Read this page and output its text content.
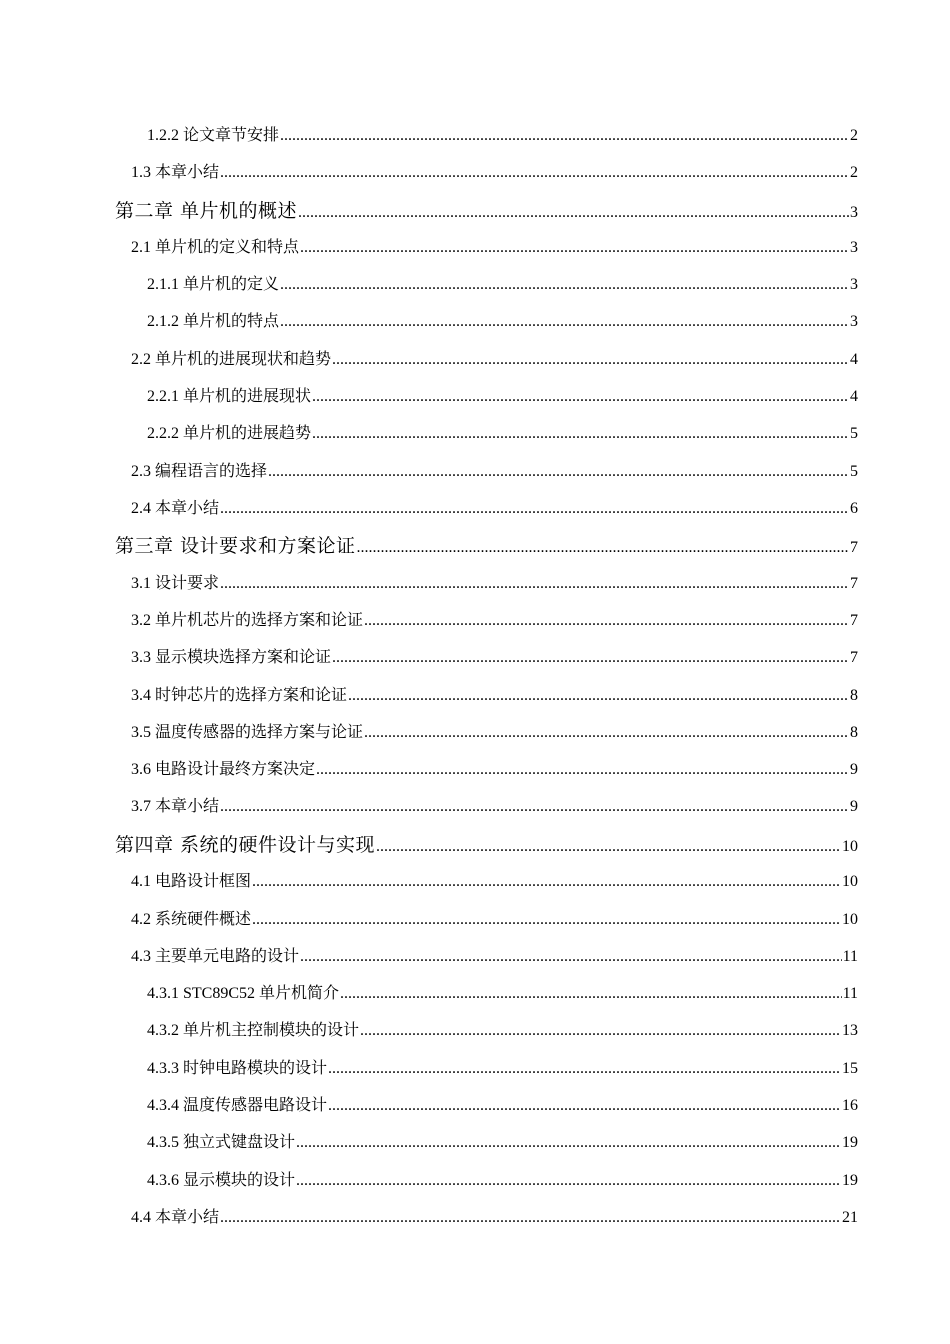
1.2.2 论文章节安排 .....	2
1.3 本章小结 .....	2
第二章 单片机的概述 .....	3
2.1 单片机的定义和特点 .....	3
2.1.1 单片机的定义 .....	3
2.1.2 单片机的特点 .....	3
2.2 单片机的进展现状和趋势 .....	4
2.2.1 单片机的进展现状 .....	4
2.2.2 单片机的进展趋势 .....	5
2.3 编程语言的选择 .....	5
2.4 本章小结 .....	6
第三章 设计要求和方案论证 .....	7
3.1 设计要求 .....	7
3.2 单片机芯片的选择方案和论证 .....	7
3.3 显示模块选择方案和论证 .....	7
3.4 时钟芯片的选择方案和论证 .....	8
3.5 温度传感器的选择方案与论证 .....	8
3.6 电路设计最终方案决定 .....	9
3.7 本章小结 .....	9
第四章 系统的硬件设计与实现 .....	10
4.1 电路设计框图 .....	10
4.2 系统硬件概述 .....	10
4.3 主要单元电路的设计 .....	11
4.3.1 STC89C52 单片机简介 .....	11
4.3.2 单片机主控制模块的设计 .....	13
4.3.3 时钟电路模块的设计 .....	15
4.3.4 温度传感器电路设计 .....	16
4.3.5 独立式键盘设计 .....	19
4.3.6 显示模块的设计 .....	19
4.4 本章小结 .....	21
